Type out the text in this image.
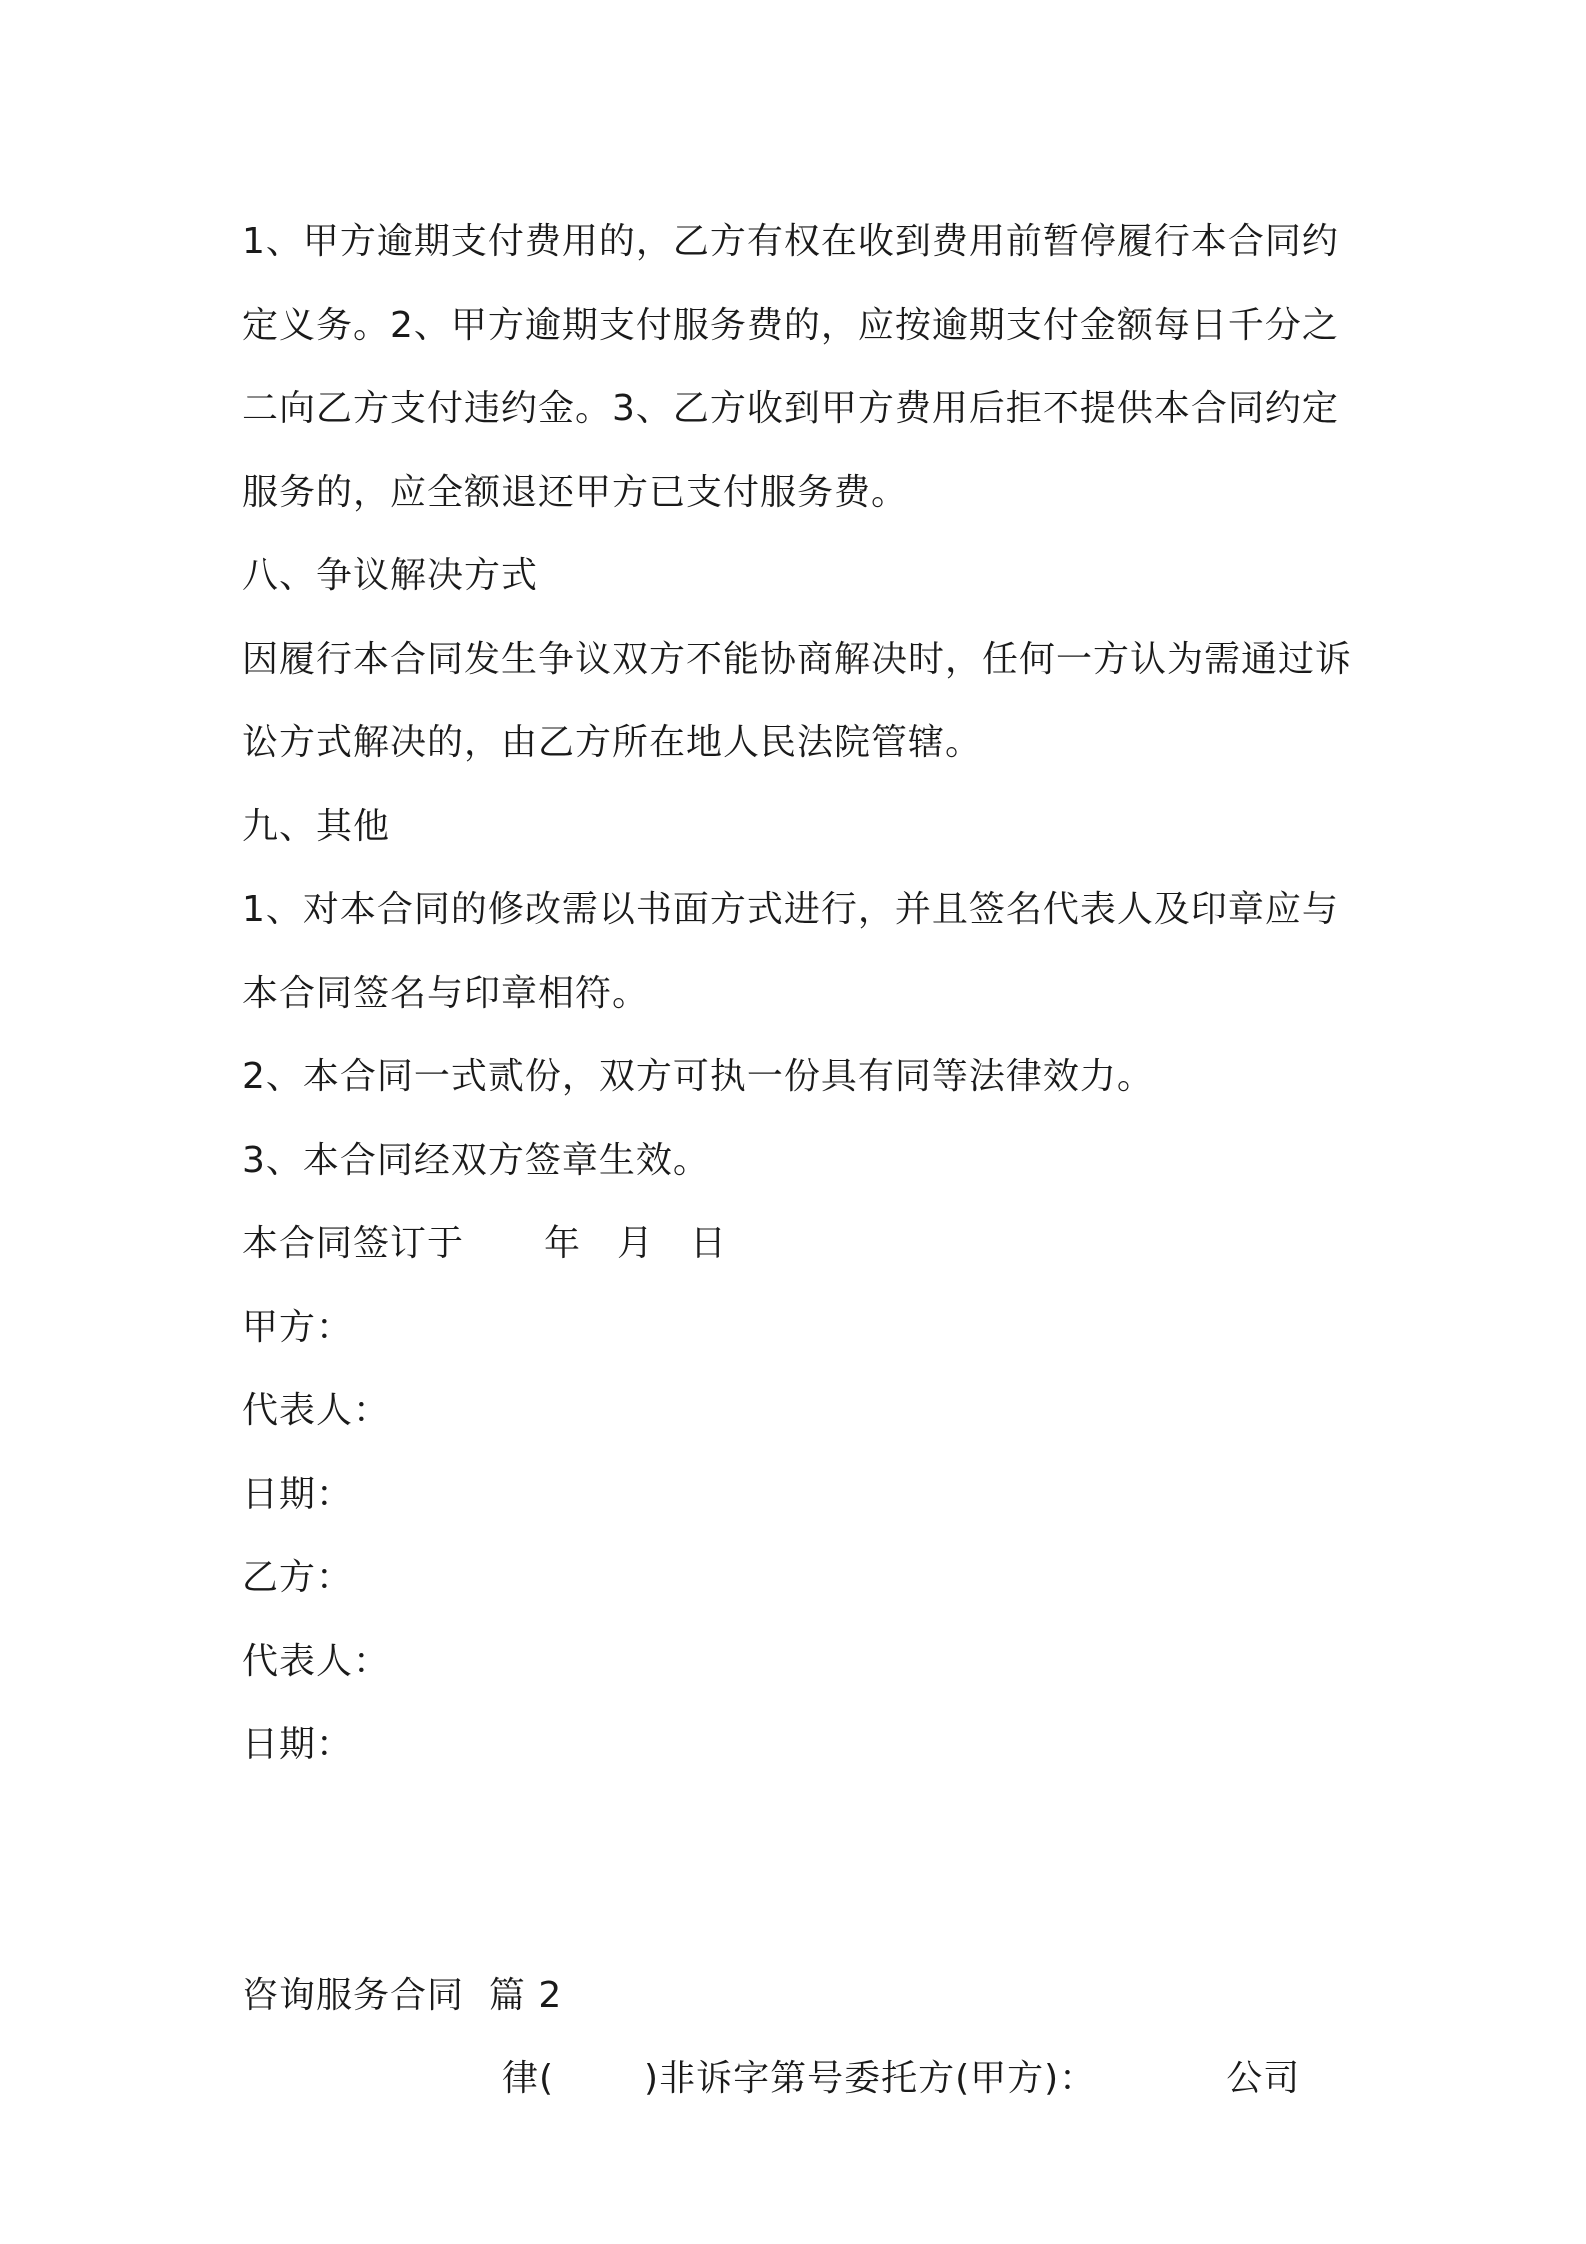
1、甲方逾期支付费用的，乙方有权在收到费用前暂停履行本合同约
定义务。2、甲方逾期支付服务费的，应按逾期支付金额每日千分之
二向乙方支付违约金。3、乙方收到甲方费用后拒不提供本合同约定
服务的，应全额退还甲方已支付服务费。
八、争议解决方式
因履行本合同发生争议双方不能协商解决时，任何一方认为需通过诉
讼方式解决的，由乙方所在地人民法院管辖。
九、其他
1、对本合同的修改需以书面方式进行，并且签名代表人及印章应与
本合同签名与印章相符。
2、本合同一式贰份，双方可执一份具有同等法律效力。
3、本合同经双方签章生效。
本合同签订于 年 月 日
甲方：
代表人：
日期：
乙方：
代表人：
日期：
咨询服务合同  篇 2
律(	)非诉字第号委托方(甲方)：	公司
